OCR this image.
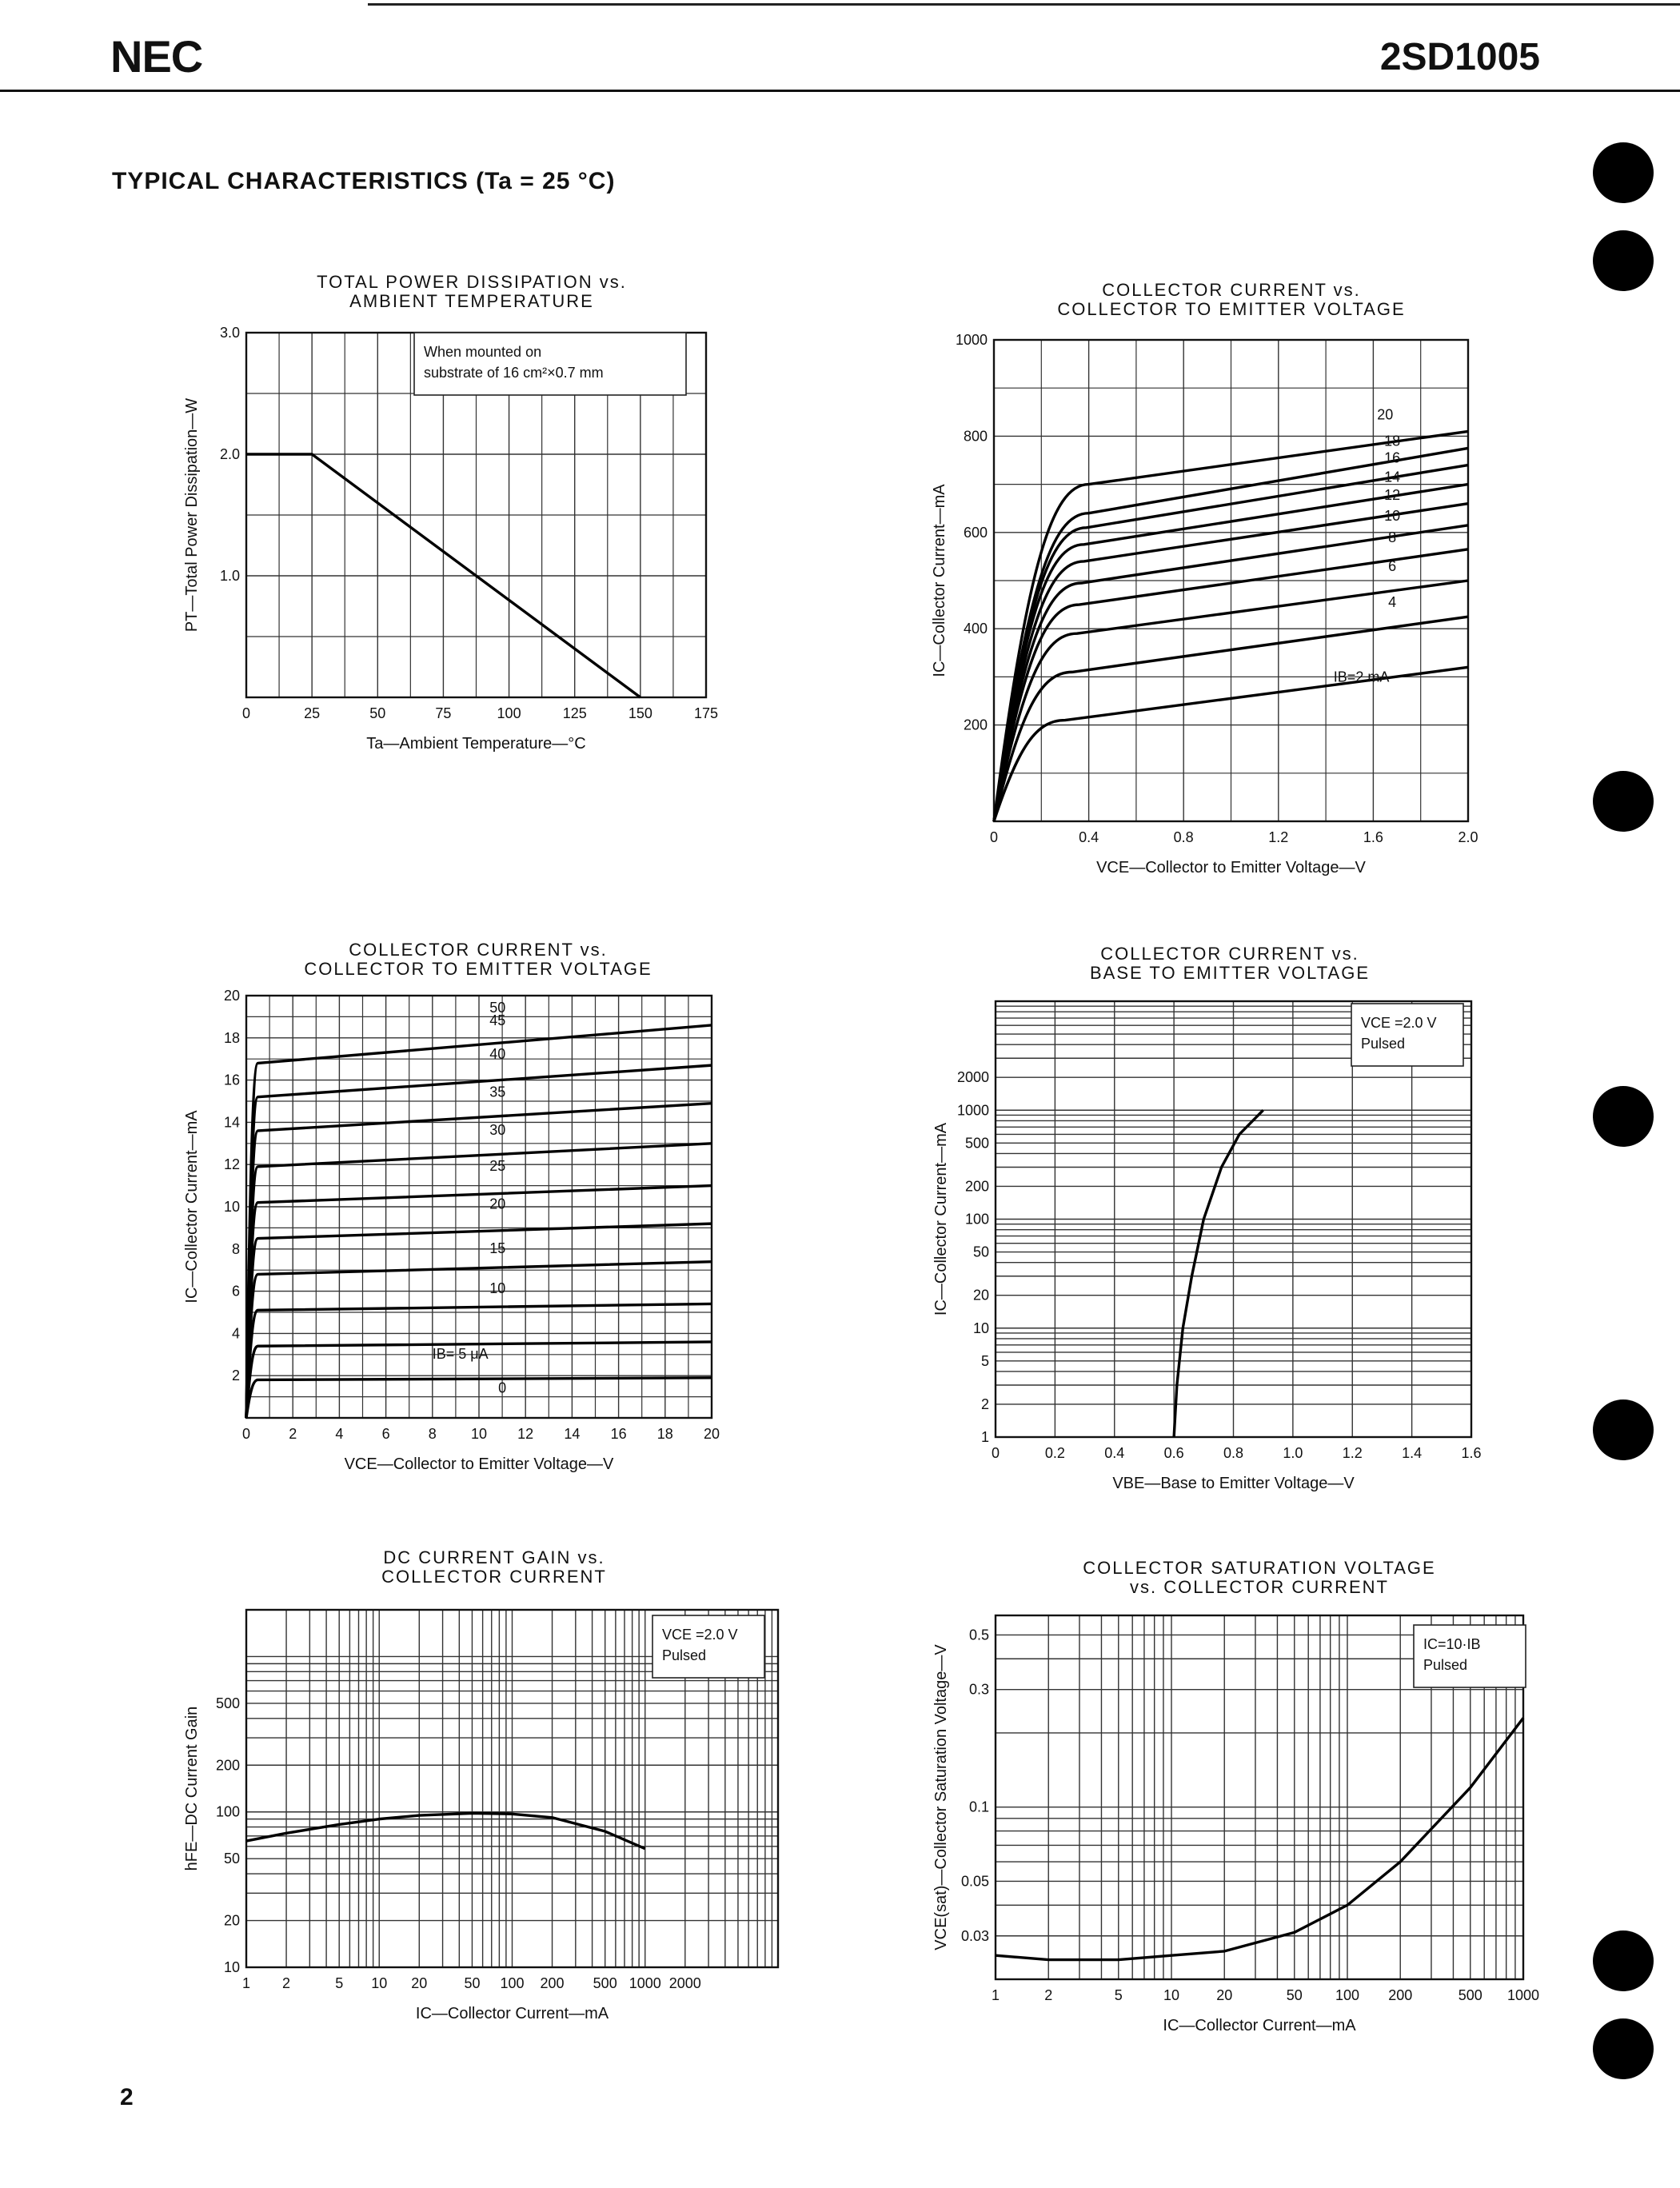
NEC	2SD1005
TYPICAL CHARACTERISTICS (Ta = 25 °C)
TOTAL POWER DISSIPATION vs.
AMBIENT TEMPERATURE
0	25	50	75	100	125	150	175
1.0
2.0
3.0
Ta—Ambient Temperature—°C
PT—Total Power Dissipation—W
When mounted on
substrate of 16 cm²×0.7 mm
COLLECTOR CURRENT vs.
COLLECTOR TO EMITTER VOLTAGE
0	0.4	0.8	1.2	1.6	2.0
200
400
600
800
1000
VCE—Collector to Emitter Voltage—V
IC—Collector Current—mA	IB=2 mA
4
6
8
10
12
14
16
18
20
COLLECTOR CURRENT vs.
COLLECTOR TO EMITTER VOLTAGE
0	2	4	6	8 10 12 14 16 18 20
2
4
6
8
10
12
14
16
18
20
VCE—Collector to Emitter Voltage—V
IC—Collector Current—mA
0
IB= 5 μA
10
15
20
25
30
35
40
45
50
COLLECTOR CURRENT vs.
BASE TO EMITTER VOLTAGE
0	0.2	0.4	0.6	0.8	1.0	1.2	1.4	1.6
1
2
5
10
20
50
100
200
500
1000
2000
VBE—Base to Emitter Voltage—V
IC—Collector Current—mA
VCE =2.0 V
Pulsed
DC CURRENT GAIN vs.
COLLECTOR CURRENT
1 2	5 10 20	50 100 200 500 1000 2000
10
20
50
100
200
500
IC—Collector Current—mA
hFE—DC Current Gain
VCE =2.0 V
Pulsed
COLLECTOR SATURATION VOLTAGE
vs. COLLECTOR CURRENT
1	2	5	10	20	50 100 200	500 1000
0.03
0.05
0.1
0.3
0.5
IC—Collector Current—mA
VCE(sat)—Collector Saturation Voltage—V
IC=10·IB
Pulsed
2
